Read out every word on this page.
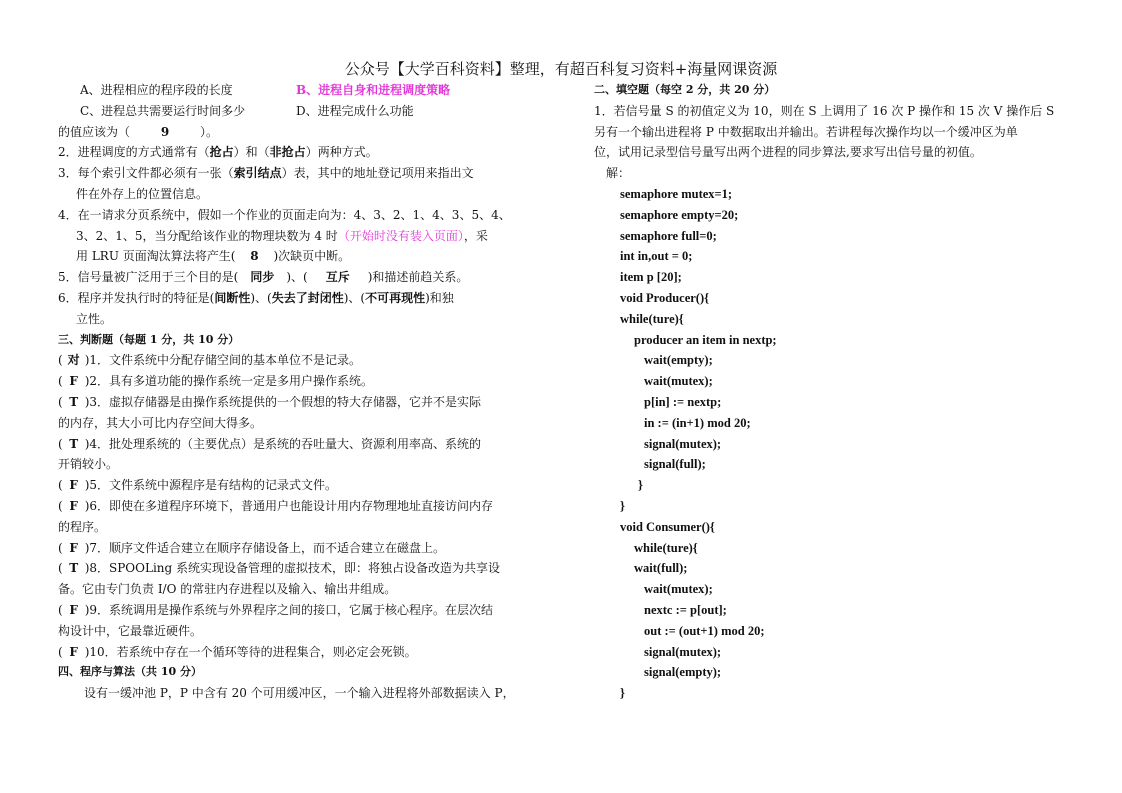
公众号【大学百科资料】整理，有超百科复习资料+海量网课资源
A、进程相应的程序段的长度	B、进程自身和进程调度策略
C、进程总共需要运行时间多少	D、进程完成什么功能
的值应该为（	9	）。
2．进程调度的方式通常有（抢占）和（非抢占）两种方式。
3．每个索引文件都必须有一张（索引结点）表，其中的地址登记项用来指出文
件在外存上的位置信息。
4．在一请求分页系统中，假如一个作业的页面走向为：4、3、2、1、4、3、5、4、
3、2、1、5，当分配给该作业的物理块数为 4 时（开始时没有装入页面），采
用 LRU 页面淘汰算法将产生( 8 )次缺页中断。
5．信号量被广泛用于三个目的是( 同步 )、( 互斥 )和描述前趋关系。
6．程序并发执行时的特征是(间断性)、(失去了封闭性)、(不可再现性)和独
立性。
三、判断题（每题 1 分，共 10 分）
( 对 )1．文件系统中分配存储空间的基本单位不是记录。
( F )2．具有多道功能的操作系统一定是多用户操作系统。
( T )3．虚拟存储器是由操作系统提供的一个假想的特大存储器，它并不是实际
的内存，其大小可比内存空间大得多。
( T )4．批处理系统的（主要优点）是系统的吞吐量大、资源利用率高、系统的
开销较小。
( F )5．文件系统中源程序是有结构的记录式文件。
( F )6．即使在多道程序环境下，普通用户也能设计用内存物理地址直接访问内存
的程序。
( F )7．顺序文件适合建立在顺序存储设备上，而不适合建立在磁盘上。
( T )8．SPOOLing 系统实现设备管理的虚拟技术，即：将独占设备改造为共享设
备。它由专门负责 I/O 的常驻内存进程以及输入、输出井组成。
( F )9．系统调用是操作系统与外界程序之间的接口，它属于核心程序。在层次结
构设计中，它最靠近硬件。
( F )10．若系统中存在一个循环等待的进程集合，则必定会死锁。
四、程序与算法（共 10 分）
设有一缓冲池 P，P 中含有 20 个可用缓冲区，一个输入进程将外部数据读入 P，
二、填空题（每空 2 分，共 20 分）
1．若信号量 S 的初值定义为 10，则在 S 上调用了 16 次 P 操作和 15 次 V 操作后 S
另有一个输出进程将 P 中数据取出并输出。若讲程每次操作均以一个缓冲区为单
位，试用记录型信号量写出两个进程的同步算法,要求写出信号量的初值。
解：
semaphore mutex=1;
semaphore empty=20;
semaphore full=0;
int in,out = 0;
item p [20];
void Producer(){
while(ture){
producer an item in nextp;
wait(empty);
wait(mutex);
p[in] := nextp;
in := (in+1) mod 20;
signal(mutex);
signal(full);
}
}
void Consumer(){
while(ture){
wait(full);
wait(mutex);
nextc := p[out];
out := (out+1) mod 20;
signal(mutex);
signal(empty);
}
